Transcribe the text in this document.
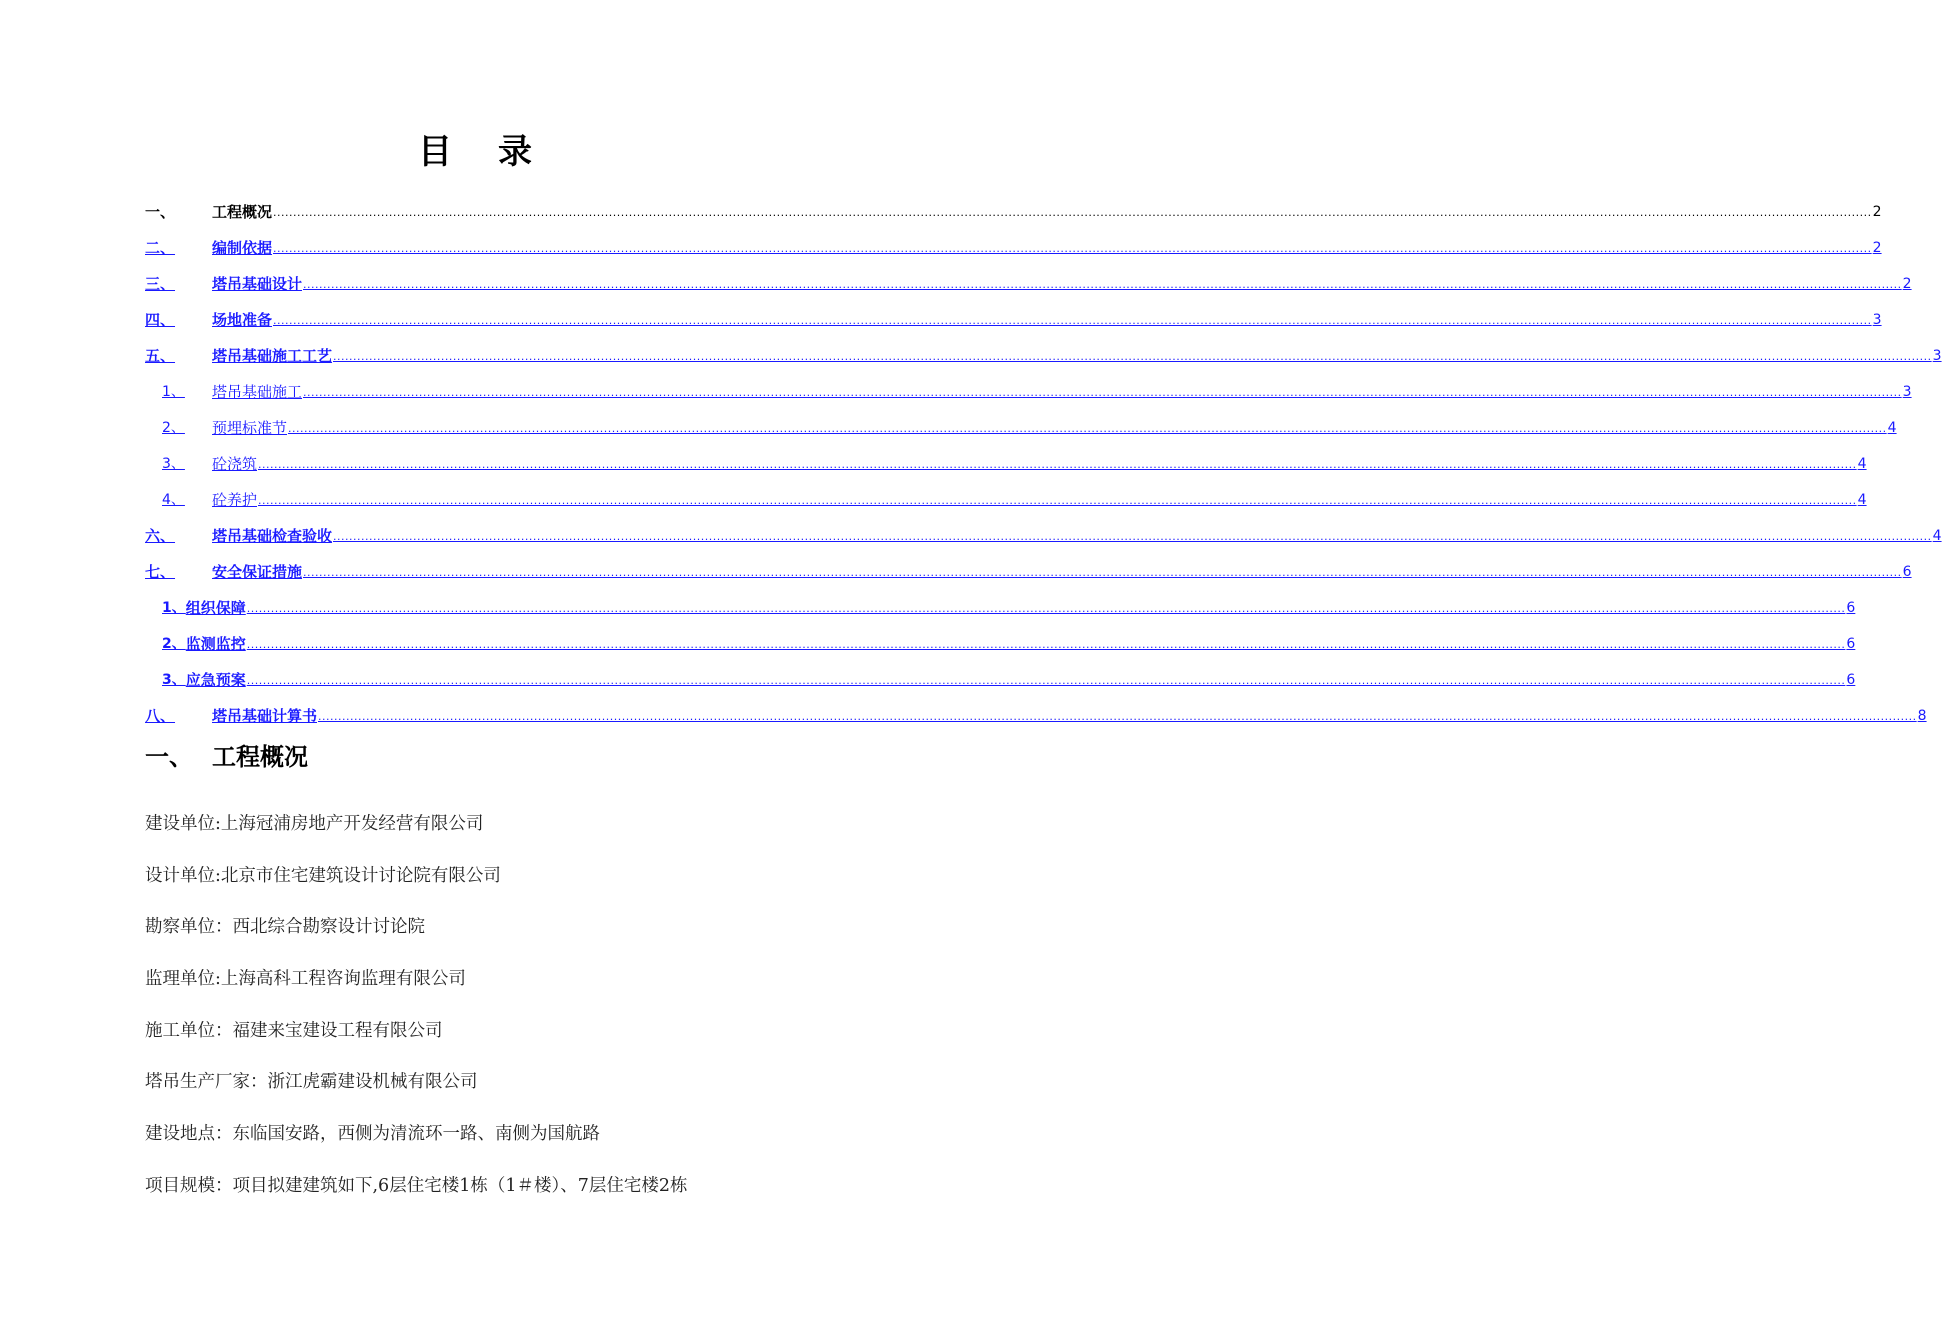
目录
一、	工程概况 ................................................................................................................................................................................................................................................................................................................................................................................................................ 2
二、	编制依据 ................................................................................................................................................................................................................................................................................................................................................................................................................ 2
三、	塔吊基础设计 ................................................................................................................................................................................................................................................................................................................................................................................................................ 2
四、	场地准备 ................................................................................................................................................................................................................................................................................................................................................................................................................ 3
五、	塔吊基础施工工艺 ................................................................................................................................................................................................................................................................................................................................................................................................................ 3
1、	塔吊基础施工 ................................................................................................................................................................................................................................................................................................................................................................................................................ 3
2、	预埋标准节 ................................................................................................................................................................................................................................................................................................................................................................................................................ 4
3、	砼浇筑 ................................................................................................................................................................................................................................................................................................................................................................................................................ 4
4、	砼养护 ................................................................................................................................................................................................................................................................................................................................................................................................................ 4
六、	塔吊基础检查验收 ................................................................................................................................................................................................................................................................................................................................................................................................................ 4
七、	安全保证措施 ................................................................................................................................................................................................................................................................................................................................................................................................................ 6
1、 组织保障 ................................................................................................................................................................................................................................................................................................................................................................................................................ 6
2、 监测监控 ................................................................................................................................................................................................................................................................................................................................................................................................................ 6
3、 应急预案 ................................................................................................................................................................................................................................................................................................................................................................................................................ 6
八、	塔吊基础计算书 ................................................................................................................................................................................................................................................................................................................................................................................................................ 8
一、 工程概况
建设单位:上海冠浦房地产开发经营有限公司
设计单位:北京市住宅建筑设计讨论院有限公司
勘察单位：西北综合勘察设计讨论院
监理单位:上海高科工程咨询监理有限公司
施工单位：福建来宝建设工程有限公司
塔吊生产厂家：浙江虎霸建设机械有限公司
建设地点：东临国安路，西侧为清流环一路、南侧为国航路
项目规模：项目拟建建筑如下,6层住宅楼1栋（1＃楼）、7层住宅楼2栋
